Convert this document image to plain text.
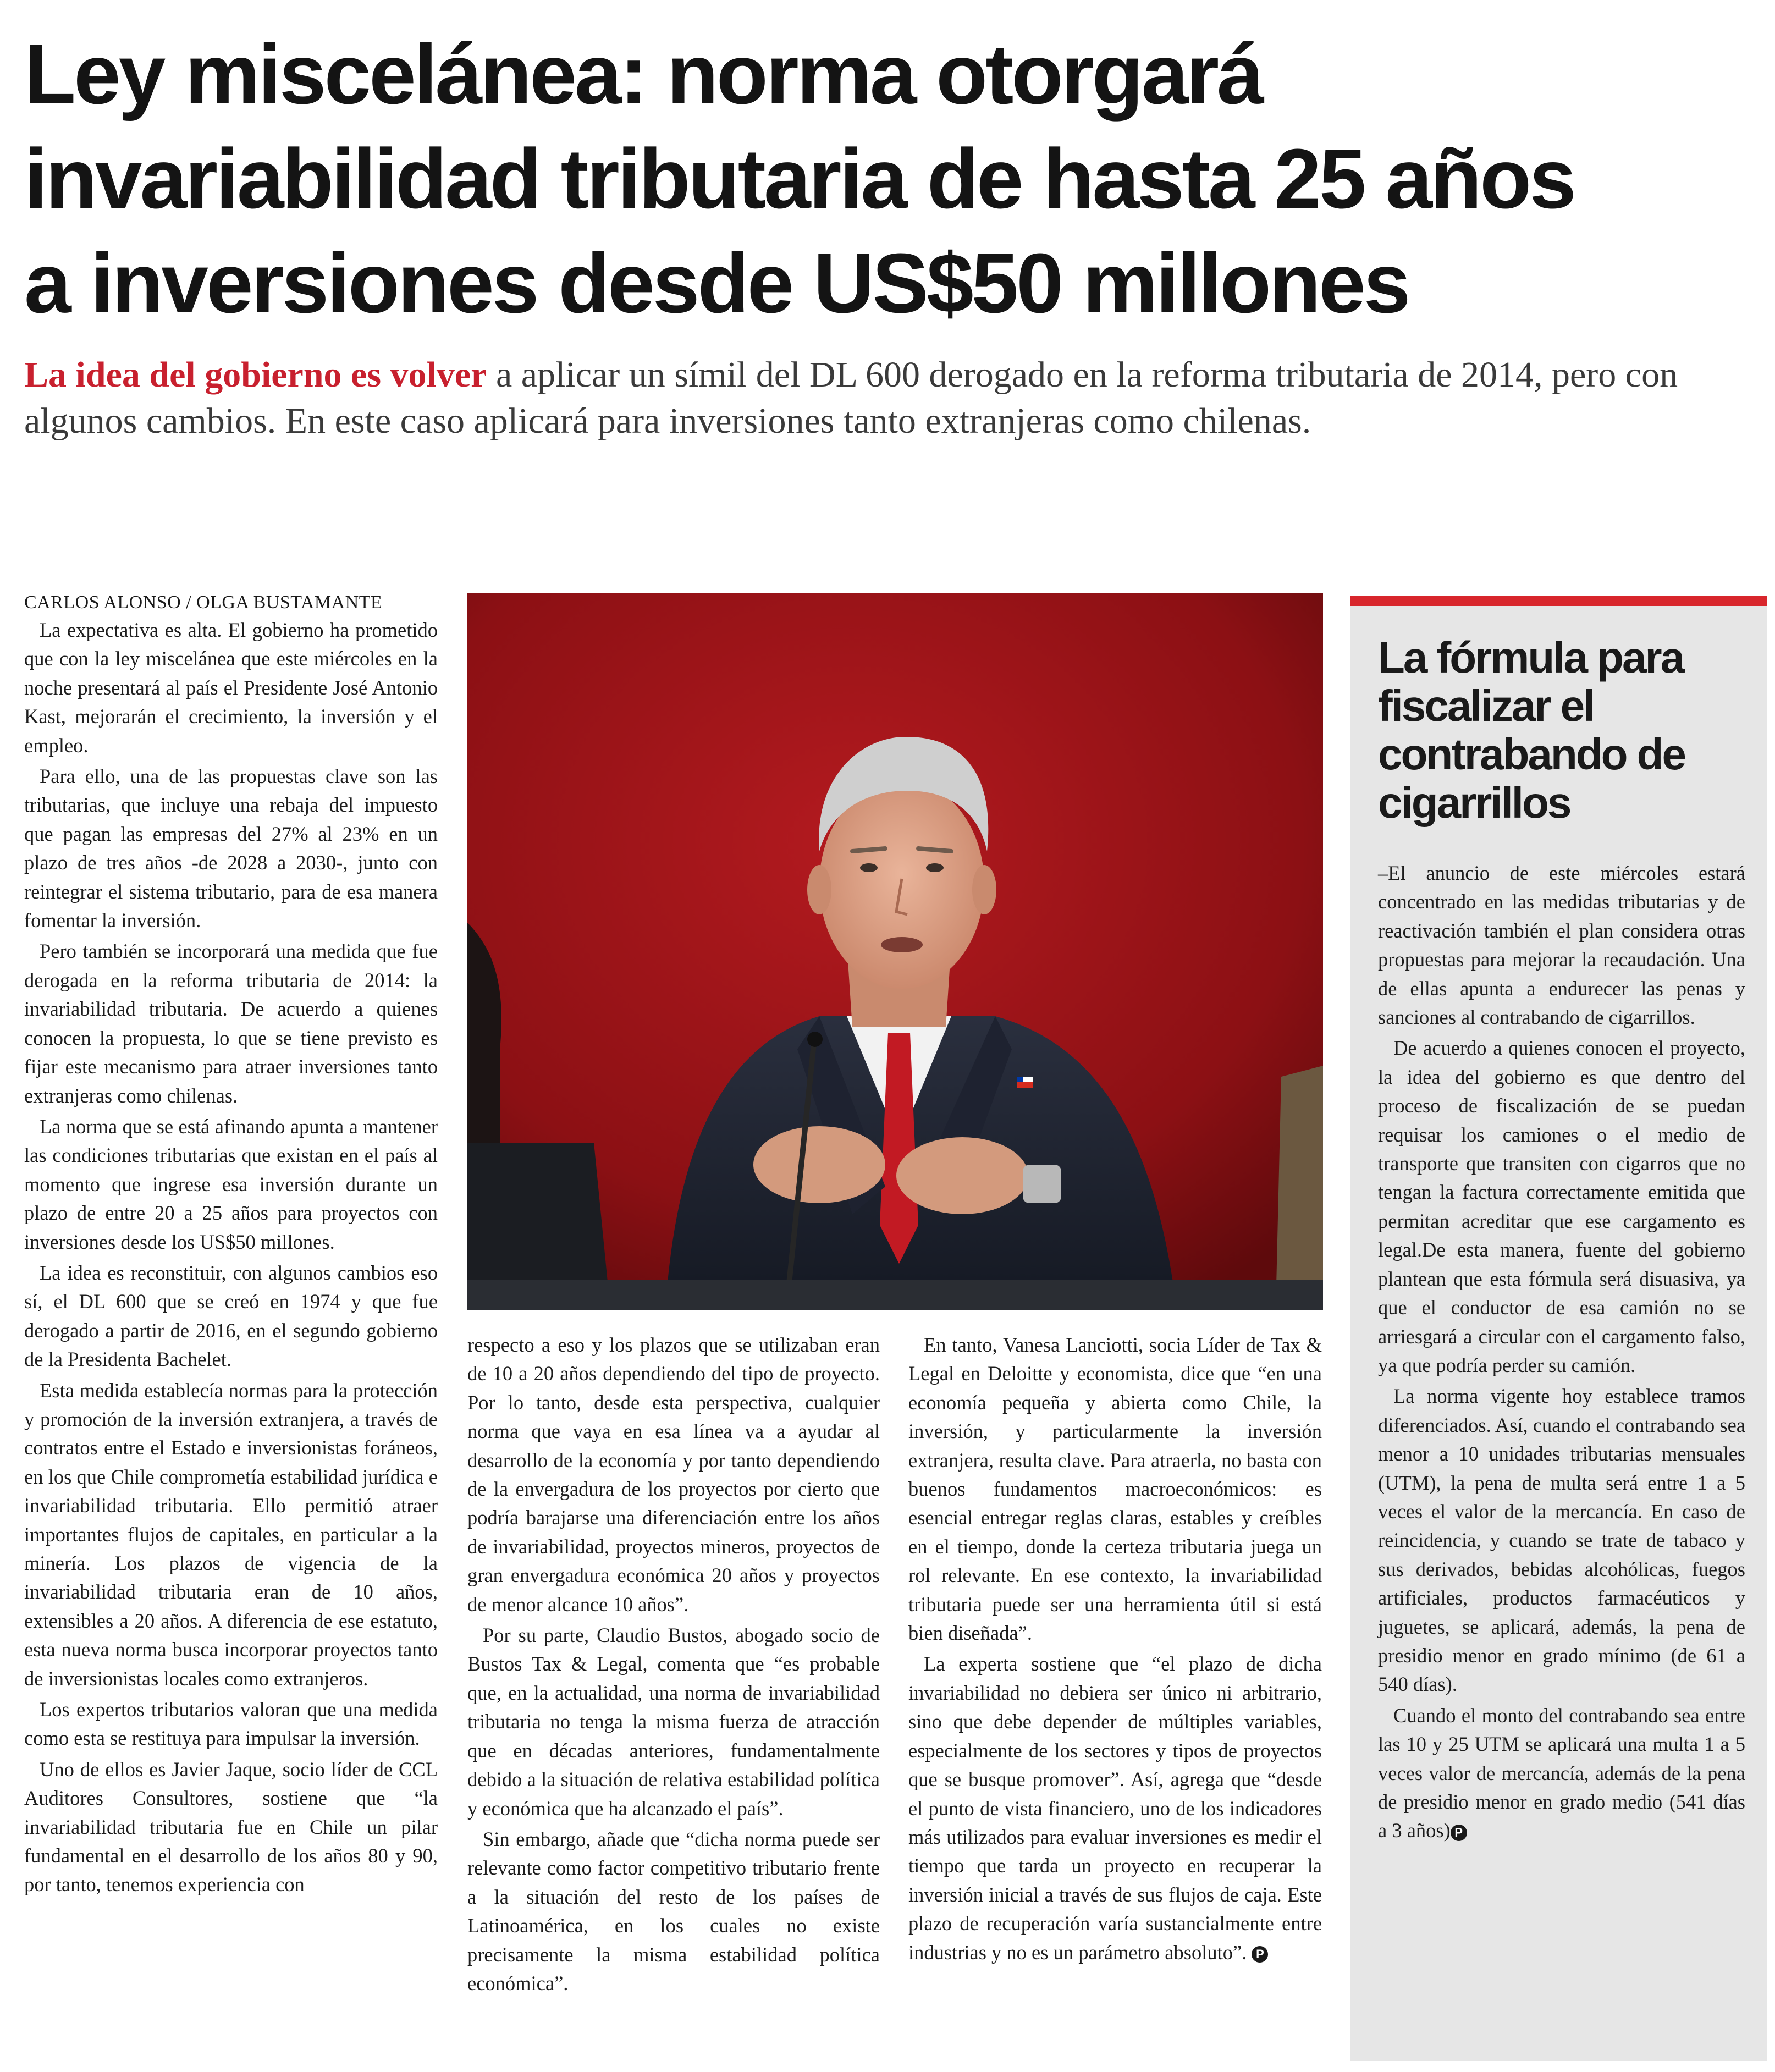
Ley miscelánea: norma otorgará
invariabilidad tributaria de hasta 25 años
a inversiones desde US$50 millones

La idea del gobierno es volver a aplicar un símil del DL 600 derogado en la reforma tributaria de 2014, pero con algunos cambios. En este caso aplicará para inversiones tanto extranjeras como chilenas.

CARLOS ALONSO / OLGA BUSTAMANTE

La expectativa es alta. El gobierno ha prometido que con la ley miscelánea que este miércoles en la noche presentará al país el Presidente José Antonio Kast, mejorarán el crecimiento, la inversión y el empleo.

Para ello, una de las propuestas clave son las tributarias, que incluye una rebaja del impuesto que pagan las empresas del 27% al 23% en un plazo de tres años -de 2028 a 2030-, junto con reintegrar el sistema tributario, para de esa manera fomentar la inversión.

Pero también se incorporará una medida que fue derogada en la reforma tributaria de 2014: la invariabilidad tributaria. De acuerdo a quienes conocen la propuesta, lo que se tiene previsto es fijar este mecanismo para atraer inversiones tanto extranjeras como chilenas.

La norma que se está afinando apunta a mantener las condiciones tributarias que existan en el país al momento que ingrese esa inversión durante un plazo de entre 20 a 25 años para proyectos con inversiones desde los US$50 millones.

La idea es reconstituir, con algunos cambios eso sí, el DL 600 que se creó en 1974 y que fue derogado a partir de 2016, en el segundo gobierno de la Presidenta Bachelet.

Esta medida establecía normas para la protección y promoción de la inversión extranjera, a través de contratos entre el Estado e inversionistas foráneos, en los que Chile comprometía estabilidad jurídica e invariabilidad tributaria. Ello permitió atraer importantes flujos de capitales, en particular a la minería. Los plazos de vigencia de la invariabilidad tributaria eran de 10 años, extensibles a 20 años. A diferencia de ese estatuto, esta nueva norma busca incorporar proyectos tanto de inversionistas locales como extranjeros.

Los expertos tributarios valoran que una medida como esta se restituya para impulsar la inversión.

Uno de ellos es Javier Jaque, socio líder de CCL Auditores Consultores, sostiene que “la invariabilidad tributaria fue en Chile un pilar fundamental en el desarrollo de los años 80 y 90, por tanto, tenemos experiencia con

respecto a eso y los plazos que se utilizaban eran de 10 a 20 años dependiendo del tipo de proyecto. Por lo tanto, desde esta perspectiva, cualquier norma que vaya en esa línea va a ayudar al desarrollo de la economía y por tanto dependiendo de la envergadura de los proyectos por cierto que podría barajarse una diferenciación entre los años de invariabilidad, proyectos mineros, proyectos de gran envergadura económica 20 años y proyectos de menor alcance 10 años”.

Por su parte, Claudio Bustos, abogado socio de Bustos Tax & Legal, comenta que “es probable que, en la actualidad, una norma de invariabilidad tributaria no tenga la misma fuerza de atracción que en décadas anteriores, fundamentalmente debido a la situación de relativa estabilidad política y económica que ha alcanzado el país”.

Sin embargo, añade que “dicha norma puede ser relevante como factor competitivo tributario frente a la situación del resto de los países de Latinoamérica, en los cuales no existe precisamente la misma estabilidad política económica”.

En tanto, Vanesa Lanciotti, socia Líder de Tax & Legal en Deloitte y economista, dice que “en una economía pequeña y abierta como Chile, la inversión, y particularmente la inversión extranjera, resulta clave. Para atraerla, no basta con buenos fundamentos macroeconómicos: es esencial entregar reglas claras, estables y creíbles en el tiempo, donde la certeza tributaria juega un rol relevante. En ese contexto, la invariabilidad tributaria puede ser una herramienta útil si está bien diseñada”.

La experta sostiene que “el plazo de dicha invariabilidad no debiera ser único ni arbitrario, sino que debe depender de múltiples variables, especialmente de los sectores y tipos de proyectos que se busque promover”. Así, agrega que “desde el punto de vista financiero, uno de los indicadores más utilizados para evaluar inversiones es medir el tiempo que tarda un proyecto en recuperar la inversión inicial a través de sus flujos de caja. Este plazo de recuperación varía sustancialmente entre industrias y no es un parámetro absoluto”. P

La fórmula para fiscalizar el contrabando de cigarrillos

–El anuncio de este miércoles estará concentrado en las medidas tributarias y de reactivación también el plan considera otras propuestas para mejorar la recaudación. Una de ellas apunta a endurecer las penas y sanciones al contrabando de cigarrillos.

De acuerdo a quienes conocen el proyecto, la idea del gobierno es que dentro del proceso de fiscalización de se puedan requisar los camiones o el medio de transporte que transiten con cigarros que no tengan la factura correctamente emitida que permitan acreditar que ese cargamento es legal.De esta manera, fuente del gobierno plantean que esta fórmula será disuasiva, ya que el conductor de esa camión no se arriesgará a circular con el cargamento falso, ya que podría perder su camión.

La norma vigente hoy establece tramos diferenciados. Así, cuando el contrabando sea menor a 10 unidades tributarias mensuales (UTM), la pena de multa será entre 1 a 5 veces el valor de la mercancía. En caso de reincidencia, y cuando se trate de tabaco y sus derivados, bebidas alcohólicas, fuegos artificiales, productos farmacéuticos y juguetes, se aplicará, además, la pena de presidio menor en grado mínimo (de 61 a 540 días).

Cuando el monto del contrabando sea entre las 10 y 25 UTM se aplicará una multa 1 a 5 veces valor de mercancía, además de la pena de presidio menor en grado medio (541 días a 3 años) P
